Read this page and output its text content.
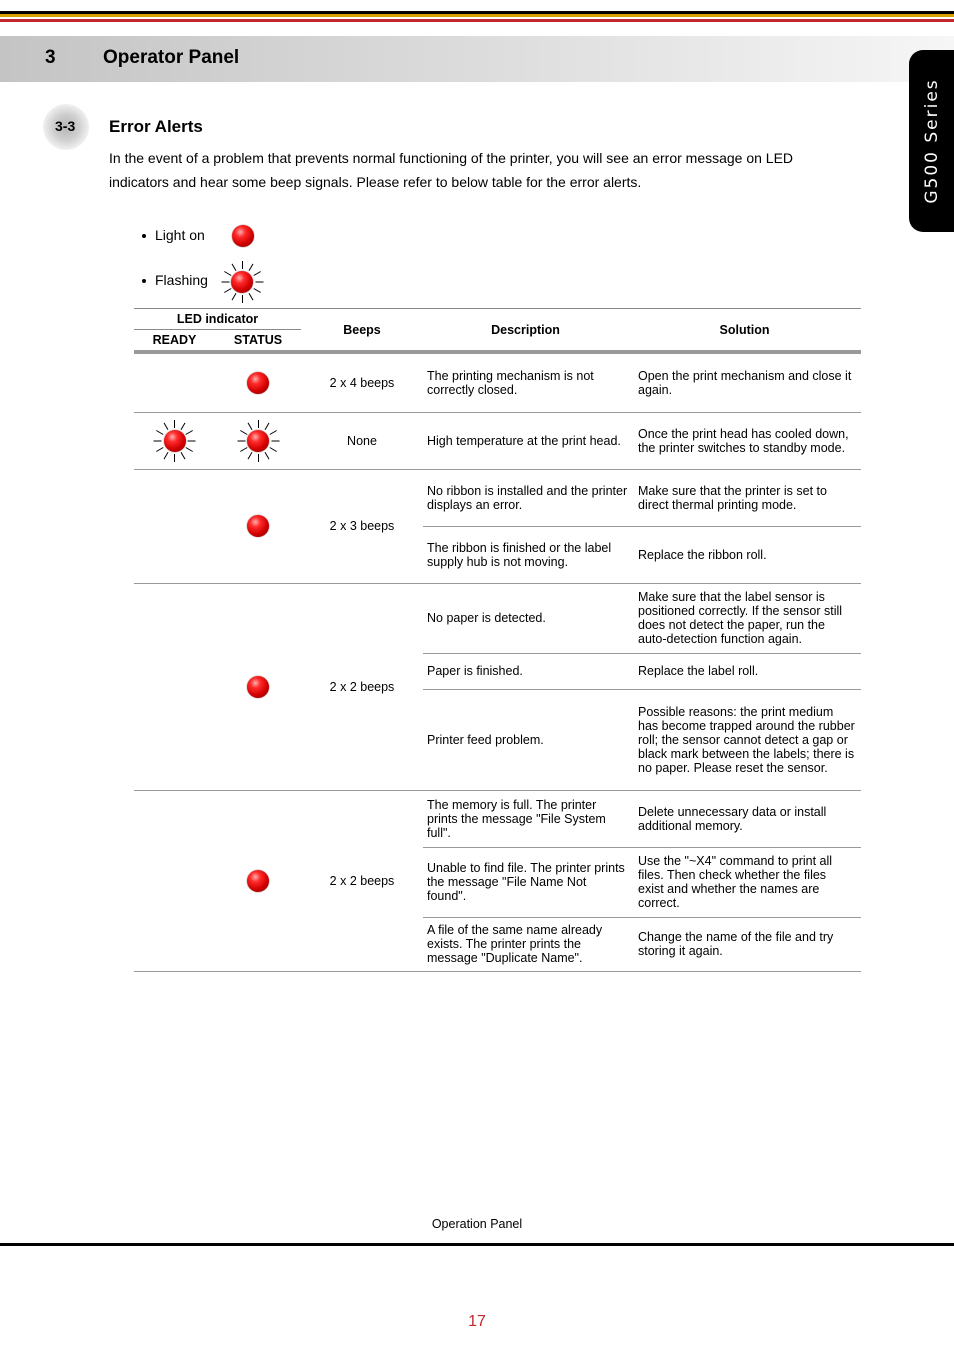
3 Operator Panel
G500 Series
3-3 Error Alerts
In the event of a problem that prevents normal functioning of the printer, you will see an error message on LED indicators and hear some beep signals. Please refer to below table for the error alerts.
Light on
Flashing
LED indicator		Beeps	Description	Solution
READY	STATUS			

	2 x 4 beeps	The printing mechanism is not correctly closed.	Open the print mechanism and close it again.

	None	High temperature at the print head.	Once the print head has cooled down, the printer switches to standby mode.

	2 x 3 beeps	No ribbon is installed and the printer displays an error.	Make sure that the printer is set to direct thermal printing mode.
			The ribbon is finished or the label supply hub is not moving.	Replace the ribbon roll.

	2 x 2 beeps	No paper is detected.	Make sure that the label sensor is positioned correctly. If the sensor still does not detect the paper, run the auto-detection function again.
			Paper is finished.	Replace the label roll.
			Printer feed problem.	Possible reasons: the print medium has become trapped around the rubber roll; the sensor cannot detect a gap or black mark between the labels; there is no paper. Please reset the sensor.

	2 x 2 beeps	The memory is full. The printer prints the message "File System full".	Delete unnecessary data or install additional memory.
			Unable to find file. The printer prints the message "File Name Not found".	Use the "~X4" command to print all files. Then check whether the files exist and whether the names are correct.
			A file of the same name already exists. The printer prints the message "Duplicate Name".	Change the name of the file and try storing it again.
Operation Panel
17
